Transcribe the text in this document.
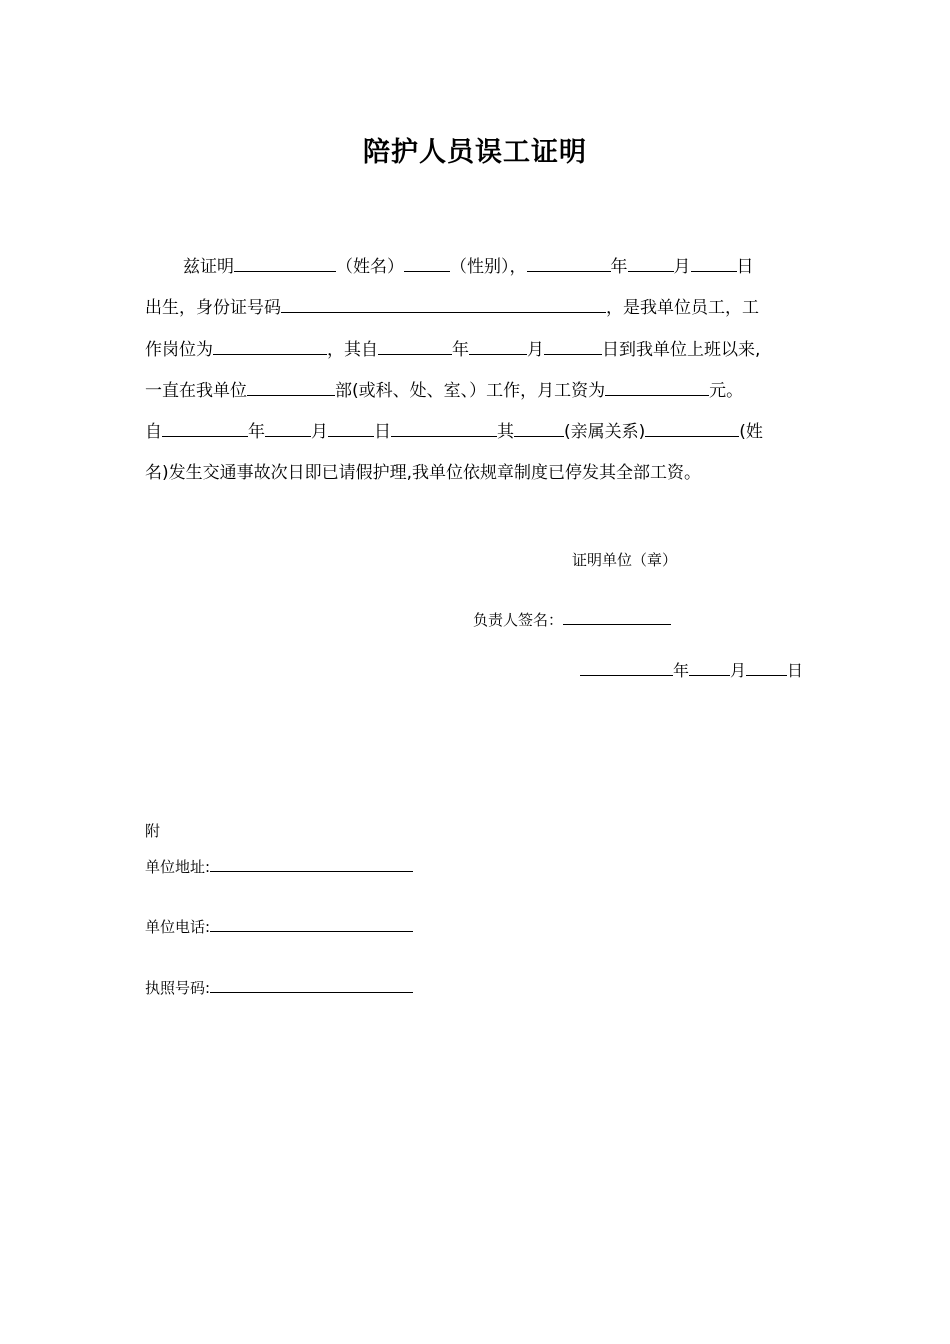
陪护人员误工证明
兹证明	（姓名）	（性别），	年	月	日
出生，身份证号码	，是我单位员工，工
作岗位为	，其自	年	月	日到我单位上班以来,
一直在我单位	部(或科、处、室、）工作，月工资为	元。
自	年	月	日	其	(亲属关系)	(姓
名)发生交通事故次日即已请假护理,我单位依规章制度已停发其全部工资。
证明单位（章）
负责人签名：
年	月	日
附
单位地址:
单位电话:
执照号码:
